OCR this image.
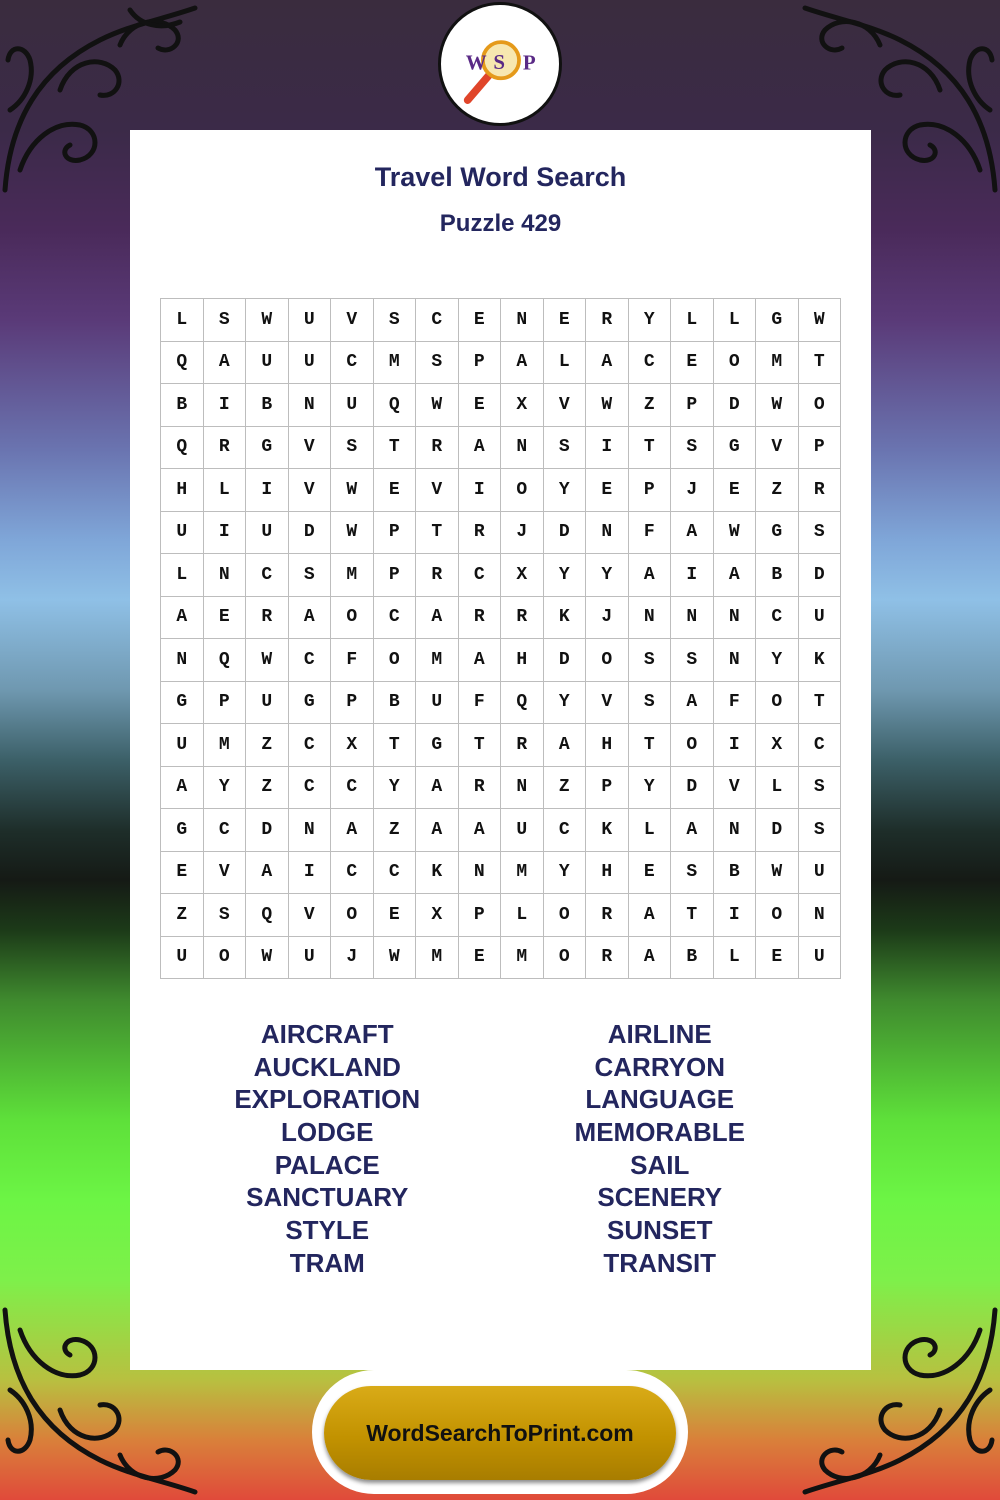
W S P
Travel Word Search
Puzzle 429
L	S	W	U	V	S	C	E	N	E	R	Y	L	L	G	W
Q	A	U	U	C	M	S	P	A	L	A	C	E	O	M	T
B	I	B	N	U	Q	W	E	X	V	W	Z	P	D	W	O
Q	R	G	V	S	T	R	A	N	S	I	T	S	G	V	P
H	L	I	V	W	E	V	I	O	Y	E	P	J	E	Z	R
U	I	U	D	W	P	T	R	J	D	N	F	A	W	G	S
L	N	C	S	M	P	R	C	X	Y	Y	A	I	A	B	D
A	E	R	A	O	C	A	R	R	K	J	N	N	N	C	U
N	Q	W	C	F	O	M	A	H	D	O	S	S	N	Y	K
G	P	U	G	P	B	U	F	Q	Y	V	S	A	F	O	T
U	M	Z	C	X	T	G	T	R	A	H	T	O	I	X	C
A	Y	Z	C	C	Y	A	R	N	Z	P	Y	D	V	L	S
G	C	D	N	A	Z	A	A	U	C	K	L	A	N	D	S
E	V	A	I	C	C	K	N	M	Y	H	E	S	B	W	U
Z	S	Q	V	O	E	X	P	L	O	R	A	T	I	O	N
U	O	W	U	J	W	M	E	M	O	R	A	B	L	E	U
AIRCRAFT	AIRLINE
AUCKLAND	CARRYON
EXPLORATION	LANGUAGE
LODGE	MEMORABLE
PALACE	SAIL
SANCTUARY	SCENERY
STYLE	SUNSET
TRAM	TRANSIT
WordSearchToPrint.com
